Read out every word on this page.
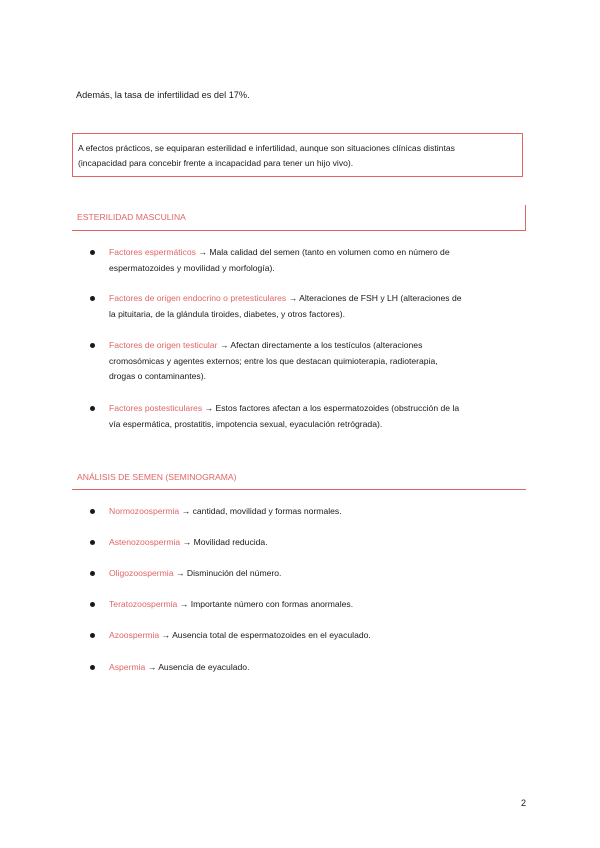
Además, la tasa de infertilidad es del 17%.
A efectos prácticos, se equiparan esterilidad e infertilidad, aunque son situaciones clínicas distintas
(incapacidad para concebir frente a incapacidad para tener un hijo vivo).
ESTERILIDAD MASCULINA
Factores espermáticos → Mala calidad del semen (tanto en volumen como en número de
espermatozoides y movilidad y morfología).
Factores de origen endocrino o pretesticulares → Alteraciones de FSH y LH (alteraciones de
la pituitaria, de la glándula tiroides, diabetes, y otros factores).
Factores de origen testicular → Afectan directamente a los testículos (alteraciones
cromosómicas y agentes externos; entre los que destacan quimioterapia, radioterapia,
drogas o contaminantes).
Factores postesticulares → Estos factores afectan a los espermatozoides (obstrucción de la
vía espermática, prostatitis, impotencia sexual, eyaculación retrógrada).
ANÁLISIS DE SEMEN (SEMINOGRAMA)
Normozoospermia → cantidad, movilidad y formas normales.
Astenozoospermia → Movilidad reducida.
Oligozoospermia → Disminución del número.
Teratozoospermia → Importante número con formas anormales.
Azoospermia → Ausencia total de espermatozoides en el eyaculado.
Aspermia → Ausencia de eyaculado.
2
